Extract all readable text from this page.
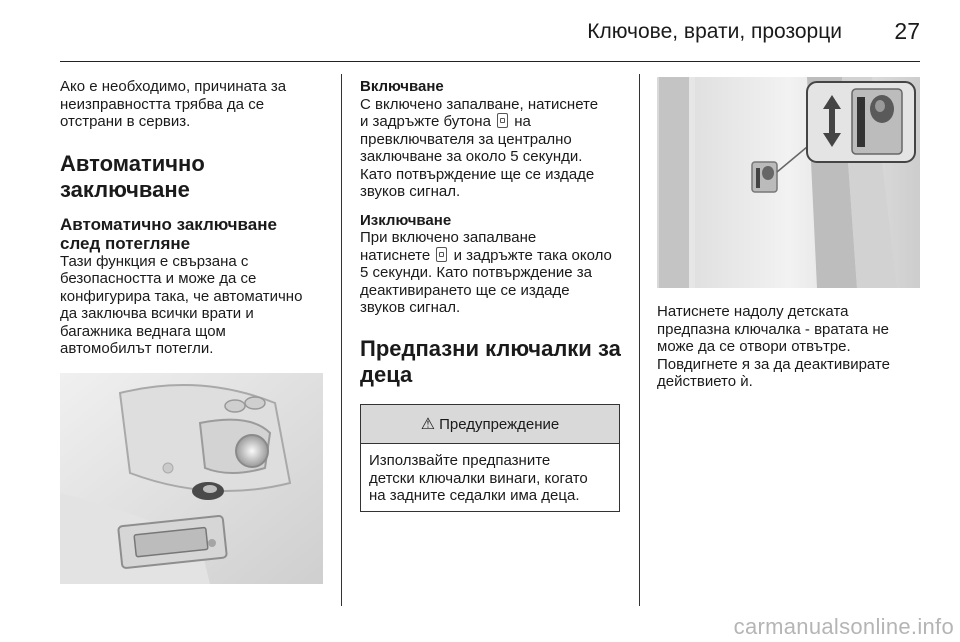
Ключове, врати, прозорци 27

Ако е необходимо, причината за
неизправността трябва да се
отстрани в сервиз.

Автоматично
заключване
Автоматично заключване
след потегляне

Тази функция е свързана с
безопасността и може да се
конфигурира така, че автоматично
да заключва всички врати и
багажника веднага щом
автомобилът потегли.

Включване

С включено запалване, натиснете
и задръжте бутона на
превключвателя за централно
заключване за около 5 секунди.
Като потвърждение ще се издаде
звуков сигнал.

Изключване

При включено запалване
натиснете и задръжте така около
5 секунди. Като потвърждение за
деактивирането ще се издаде
звуков сигнал.

Предпазни ключалки за
деца
⚠ Предупреждение
Използвайте предпазните
детски ключалки винаги, когато
на задните седалки има деца.

Натиснете надолу детската
предпазна ключалка - вратата не
може да се отвори отвътре.
Повдигнете я за да деактивирате
действието ѝ.

carmanualsonline.info
